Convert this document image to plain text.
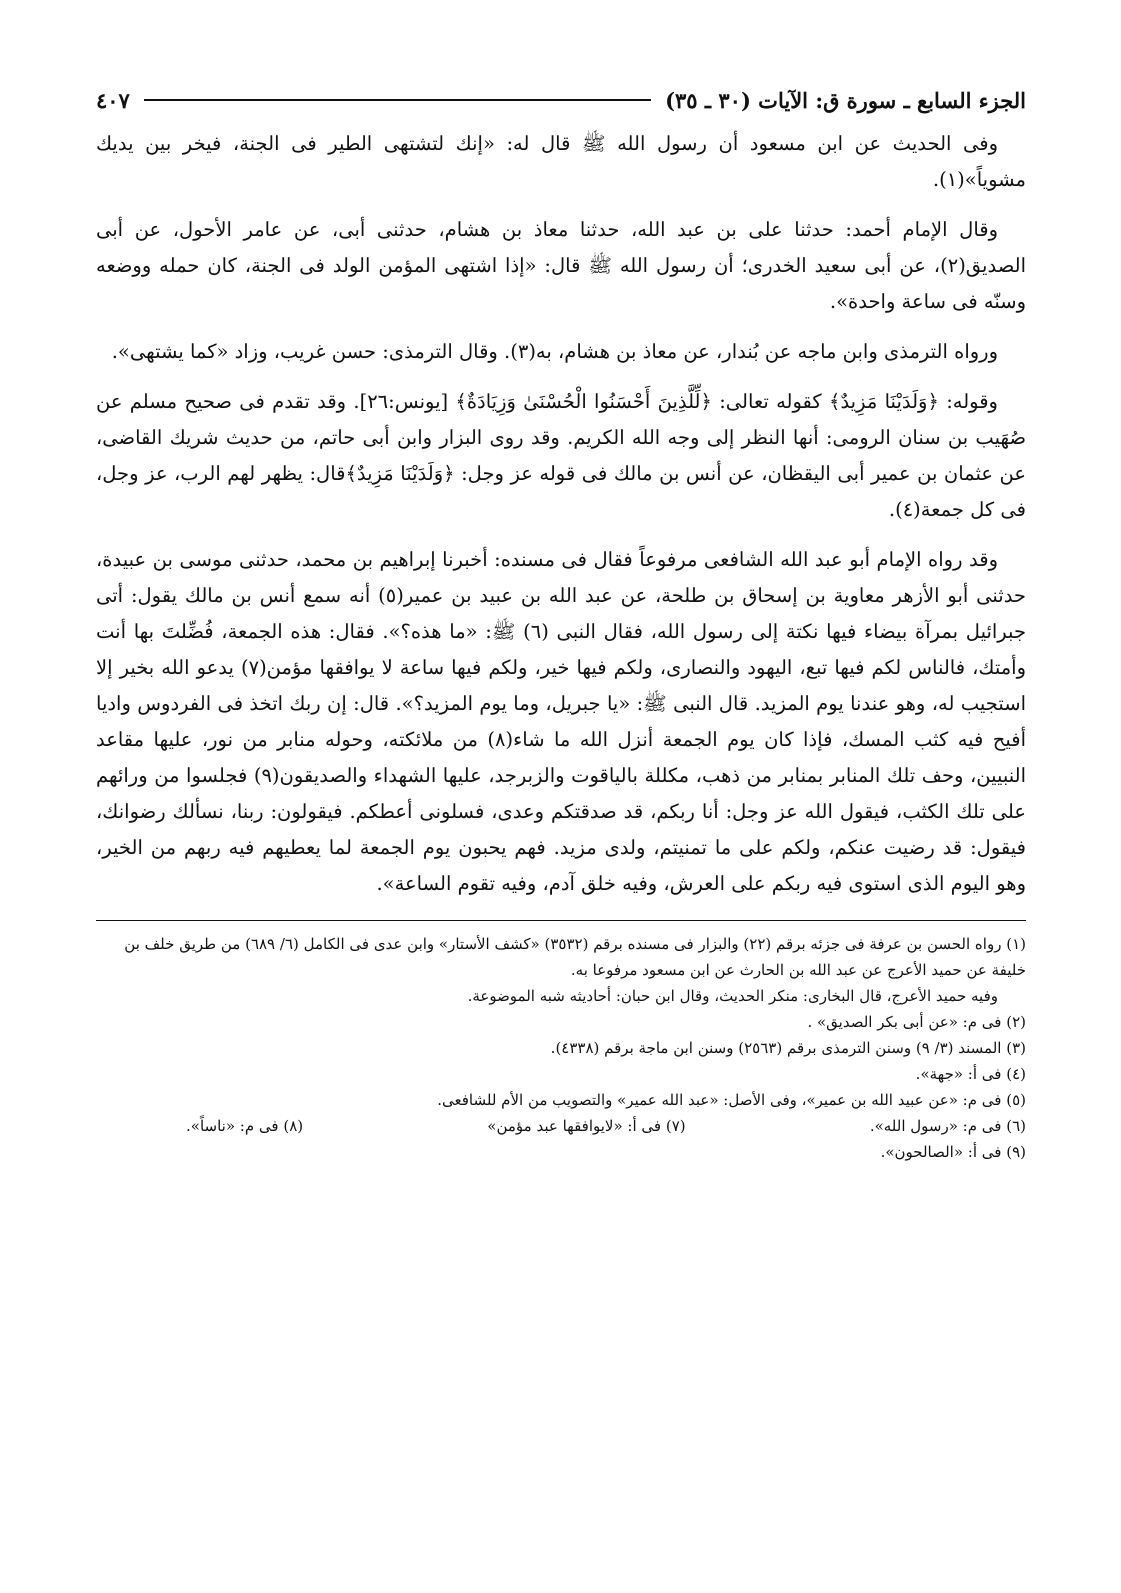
الجزء السابع ـ سورة ق: الآيات (٣٠ ـ ٣٥)
٤٠٧

وفى الحديث عن ابن مسعود أن رسول الله ﷺ قال له: «إنك لتشتهى الطير فى الجنة، فيخر بين يديك مشوياً»(١).

وقال الإمام أحمد: حدثنا على بن عبد الله، حدثنا معاذ بن هشام، حدثنى أبى، عن عامر الأحول، عن أبى الصديق(٢)، عن أبى سعيد الخدرى؛ أن رسول الله ﷺ قال: «إذا اشتهى المؤمن الولد فى الجنة، كان حمله ووضعه وسنّه فى ساعة واحدة».

ورواه الترمذى وابن ماجه عن بُندار، عن معاذ بن هشام، به(٣). وقال الترمذى: حسن غريب، وزاد «كما يشتهى».

وقوله: ﴿وَلَدَيْنَا مَزِيدٌ﴾ كقوله تعالى: ﴿لِّلَّذِينَ أَحْسَنُوا الْحُسْنَىٰ وَزِيَادَةٌ﴾ [يونس:٢٦]. وقد تقدم فى صحيح مسلم عن صُهَيب بن سنان الرومى: أنها النظر إلى وجه الله الكريم. وقد روى البزار وابن أبى حاتم، من حديث شريك القاضى، عن عثمان بن عمير أبى اليقظان، عن أنس بن مالك فى قوله عز وجل: ﴿وَلَدَيْنَا مَزِيدٌ﴾قال: يظهر لهم الرب، عز وجل، فى كل جمعة(٤).

وقد رواه الإمام أبو عبد الله الشافعى مرفوعاً فقال فى مسنده: أخبرنا إبراهيم بن محمد، حدثنى موسى بن عبيدة، حدثنى أبو الأزهر معاوية بن إسحاق بن طلحة، عن عبد الله بن عبيد بن عمير(٥) أنه سمع أنس بن مالك يقول: أتى جبرائيل بمرآة بيضاء فيها نكتة إلى رسول الله، فقال النبى (٦) ﷺ: «ما هذه؟». فقال: هذه الجمعة، فُضِّلتَ بها أنت وأمتك، فالناس لكم فيها تبع، اليهود والنصارى، ولكم فيها خير، ولكم فيها ساعة لا يوافقها مؤمن(٧) يدعو الله بخير إلا استجيب له، وهو عندنا يوم المزيد. قال النبى ﷺ: «يا جبريل، وما يوم المزيد؟». قال: إن ربك اتخذ فى الفردوس واديا أفيح فيه كثب المسك، فإذا كان يوم الجمعة أنزل الله ما شاء(٨) من ملائكته، وحوله منابر من نور، عليها مقاعد النبيين، وحف تلك المنابر بمنابر من ذهب، مكللة بالياقوت والزبرجد، عليها الشهداء والصديقون(٩) فجلسوا من ورائهم على تلك الكثب، فيقول الله عز وجل: أنا ربكم، قد صدقتكم وعدى، فسلونى أعطكم. فيقولون: ربنا، نسألك رضوانك، فيقول: قد رضيت عنكم، ولكم على ما تمنيتم، ولدى مزيد. فهم يحبون يوم الجمعة لما يعطيهم فيه ربهم من الخير، وهو اليوم الذى استوى فيه ربكم على العرش، وفيه خلق آدم، وفيه تقوم الساعة».

(١) رواه الحسن بن عرفة فى جزئه برقم (٢٢) والبزار فى مسنده برقم (٣٥٣٢) «كشف الأستار» وابن عدى فى الكامل (٦/ ٦٨٩) من طريق خلف بن خليفة عن حميد الأعرج عن عبد الله بن الحارث عن ابن مسعود مرفوعا به.

وفيه حميد الأعرج، قال البخارى: منكر الحديث، وقال ابن حبان: أحاديثه شبه الموضوعة.

(٢) فى م: «عن أبى بكر الصديق» .

(٣) المسند (٣/ ٩) وسنن الترمذى برقم (٢٥٦٣) وسنن ابن ماجة برقم (٤٣٣٨).

(٤) فى أ: «جهة».

(٥) فى م: «عن عبيد الله بن عمير»، وفى الأصل: «عبد الله عمير» والتصويب من الأم للشافعى.

(٦) فى م: «رسول الله».
(٧) فى أ: «لايوافقها عبد مؤمن»
(٨) فى م: «ناساً».

(٩) فى أ: «الصالحون».
